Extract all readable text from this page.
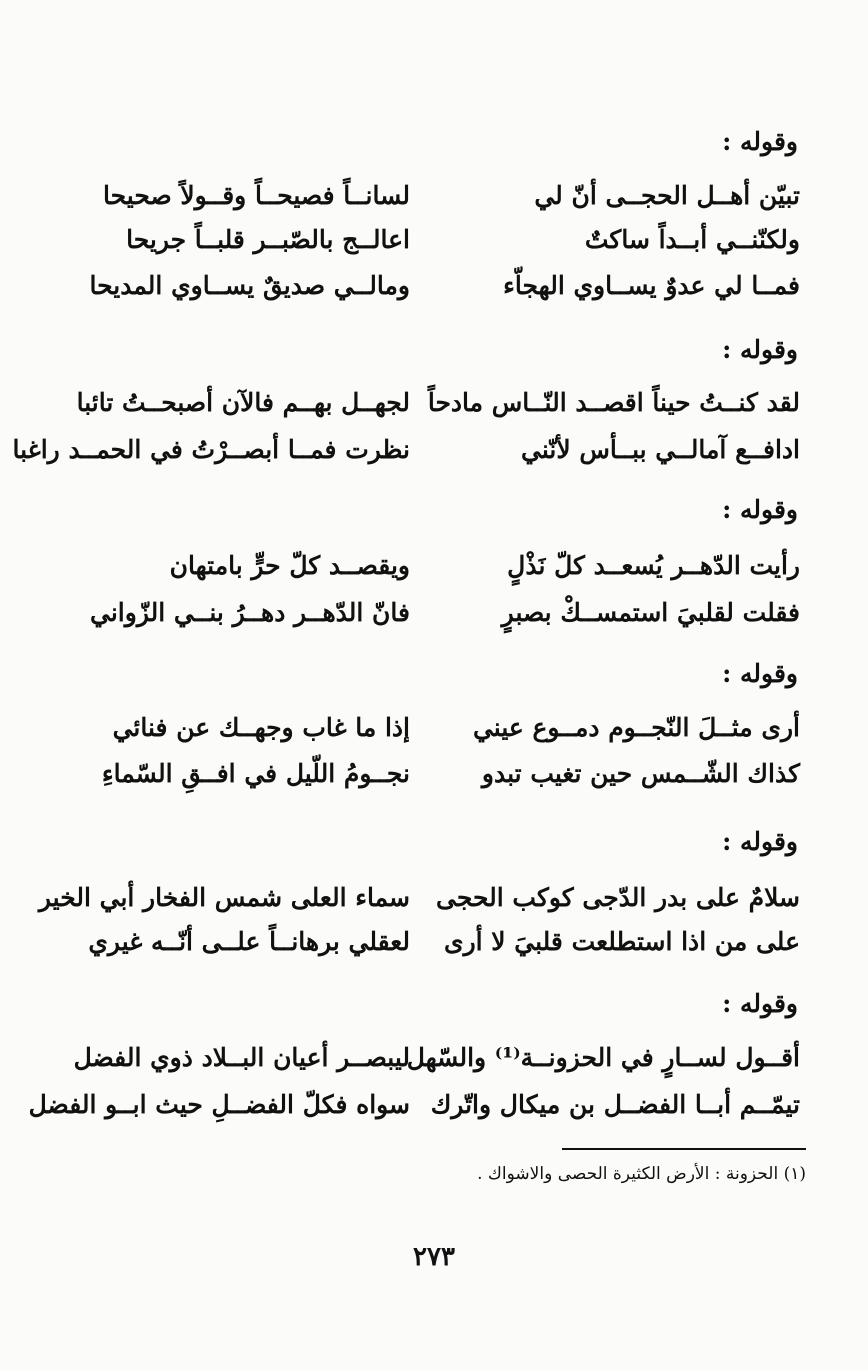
وقوله :
تبيّن أهــل الحجــى أنّ لي
لسانــاً فصيحــاً وقــولاً صحيحا
ولكنّنــي أبــداً ساكتٌ
اعالــج بالصّبــر قلبــاً جريحا
فمــا لي عدوٌ يســاوي الهجاّء
ومالــي صديقٌ يســاوي المديحا
وقوله :
لقد كنــتُ حيناً اقصــد النّــاس مادحاً
لجهــل بهــم فالآن أصبحــتُ تائبا
ادافــع آمالــي ببــأس لأنّني
نظرت فمــا أبصــرْتُ في الحمــد راغبا
وقوله :
رأيت الدّهــر يُسعــد كلّ نَذْلٍ
ويقصــد كلّ حرٍّ بامتهان
فقلت لقلبيَ استمســكْ بصبرٍ
فانّ الدّهــر دهــرُ بنــي الزّواني
وقوله :
أرى مثــلَ النّجــوم دمــوع عيني
إذا ما غاب وجهــك عن فنائي
كذاك الشّــمس حين تغيب تبدو
نجــومُ اللّيل في افــقِ السّماءِ
وقوله :
سلامٌ على بدر الدّجى كوكب الحجى
سماء العلى شمس الفخار أبي الخير
على من اذا استطلعت قلبيَ لا أرى
لعقلي برهانــاً علــى أنّــه غيري
وقوله :
أقــول لســارٍ في الحزونــة⁽¹⁾ والسّهل
ليبصــر أعيان البــلاد ذوي الفضل
تيمّــم أبــا الفضــل بن ميكال واتّرك
سواه فكلّ الفضــلِ حيث ابــو الفضل
(١) الحزونة : الأرض الكثيرة الحصى والاشواك .
٢٧٣
